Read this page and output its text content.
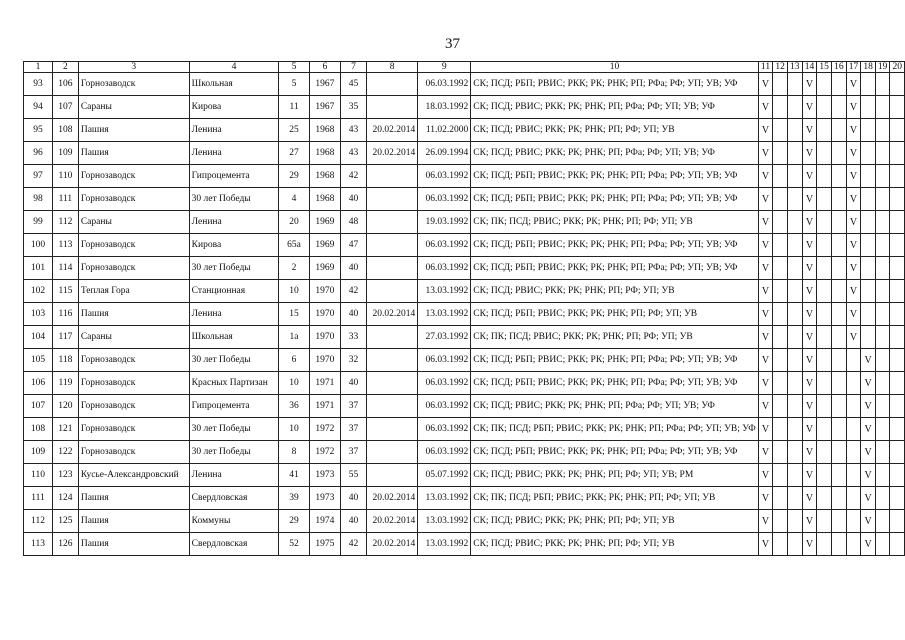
37
1	2	3	4	5	6	7	8	9	10	11	12	13	14	15	16	17	18	19	20
93	106	Горнозаводск	Школьная	5	1967	45		06.03.1992	СК; ПСД; РБП; РВИС; РКК; РК; РНК; РП; РФа; РФ; УП; УВ; УФ	V			V			V			
94	107	Сараны	Кирова	11	1967	35		18.03.1992	СК; ПСД; РВИС; РКК; РК; РНК; РП; РФа; РФ; УП; УВ; УФ	V			V			V			
95	108	Пашия	Ленина	25	1968	43	20.02.2014	11.02.2000	СК; ПСД; РВИС; РКК; РК; РНК; РП; РФ; УП; УВ	V			V			V			
96	109	Пашия	Ленина	27	1968	43	20.02.2014	26.09.1994	СК; ПСД; РВИС; РКК; РК; РНК; РП; РФа; РФ; УП; УВ; УФ	V			V			V			
97	110	Горнозаводск	Гипроцемента	29	1968	42		06.03.1992	СК; ПСД; РБП; РВИС; РКК; РК; РНК; РП; РФа; РФ; УП; УВ; УФ	V			V			V			
98	111	Горнозаводск	30 лет Победы	4	1968	40		06.03.1992	СК; ПСД; РБП; РВИС; РКК; РК; РНК; РП; РФа; РФ; УП; УВ; УФ	V			V			V			
99	112	Сараны	Ленина	20	1969	48		19.03.1992	СК; ПК; ПСД; РВИС; РКК; РК; РНК; РП; РФ; УП; УВ	V			V			V			
100	113	Горнозаводск	Кирова	65а	1969	47		06.03.1992	СК; ПСД; РБП; РВИС; РКК; РК; РНК; РП; РФа; РФ; УП; УВ; УФ	V			V			V			
101	114	Горнозаводск	30 лет Победы	2	1969	40		06.03.1992	СК; ПСД; РБП; РВИС; РКК; РК; РНК; РП; РФа; РФ; УП; УВ; УФ	V			V			V			
102	115	Теплая Гора	Станционная	10	1970	42		13.03.1992	СК; ПСД; РВИС; РКК; РК; РНК; РП; РФ; УП; УВ	V			V			V			
103	116	Пашия	Ленина	15	1970	40	20.02.2014	13.03.1992	СК; ПСД; РБП; РВИС; РКК; РК; РНК; РП; РФ; УП; УВ	V			V			V			
104	117	Сараны	Школьная	1а	1970	33		27.03.1992	СК; ПК; ПСД; РВИС; РКК; РК; РНК; РП; РФ; УП; УВ	V			V			V			
105	118	Горнозаводск	30 лет Победы	6	1970	32		06.03.1992	СК; ПСД; РБП; РВИС; РКК; РК; РНК; РП; РФа; РФ; УП; УВ; УФ	V			V				V		
106	119	Горнозаводск	Красных Партизан	10	1971	40		06.03.1992	СК; ПСД; РБП; РВИС; РКК; РК; РНК; РП; РФа; РФ; УП; УВ; УФ	V			V				V		
107	120	Горнозаводск	Гипроцемента	36	1971	37		06.03.1992	СК; ПСД; РВИС; РКК; РК; РНК; РП; РФа; РФ; УП; УВ; УФ	V			V				V		
108	121	Горнозаводск	30 лет Победы	10	1972	37		06.03.1992	СК; ПК; ПСД; РБП; РВИС; РКК; РК; РНК; РП; РФа; РФ; УП; УВ; УФ	V			V				V		
109	122	Горнозаводск	30 лет Победы	8	1972	37		06.03.1992	СК; ПСД; РБП; РВИС; РКК; РК; РНК; РП; РФа; РФ; УП; УВ; УФ	V			V				V		
110	123	Кусье-Александровский	Ленина	41	1973	55		05.07.1992	СК; ПСД; РВИС; РКК; РК; РНК; РП; РФ; УП; УВ; РМ	V			V				V		
111	124	Пашия	Свердловская	39	1973	40	20.02.2014	13.03.1992	СК; ПК; ПСД; РБП; РВИС; РКК; РК; РНК; РП; РФ; УП; УВ	V			V				V		
112	125	Пашия	Коммуны	29	1974	40	20.02.2014	13.03.1992	СК; ПСД; РВИС; РКК; РК; РНК; РП; РФ; УП; УВ	V			V				V		
113	126	Пашия	Свердловская	52	1975	42	20.02.2014	13.03.1992	СК; ПСД; РВИС; РКК; РК; РНК; РП; РФ; УП; УВ	V			V				V		
